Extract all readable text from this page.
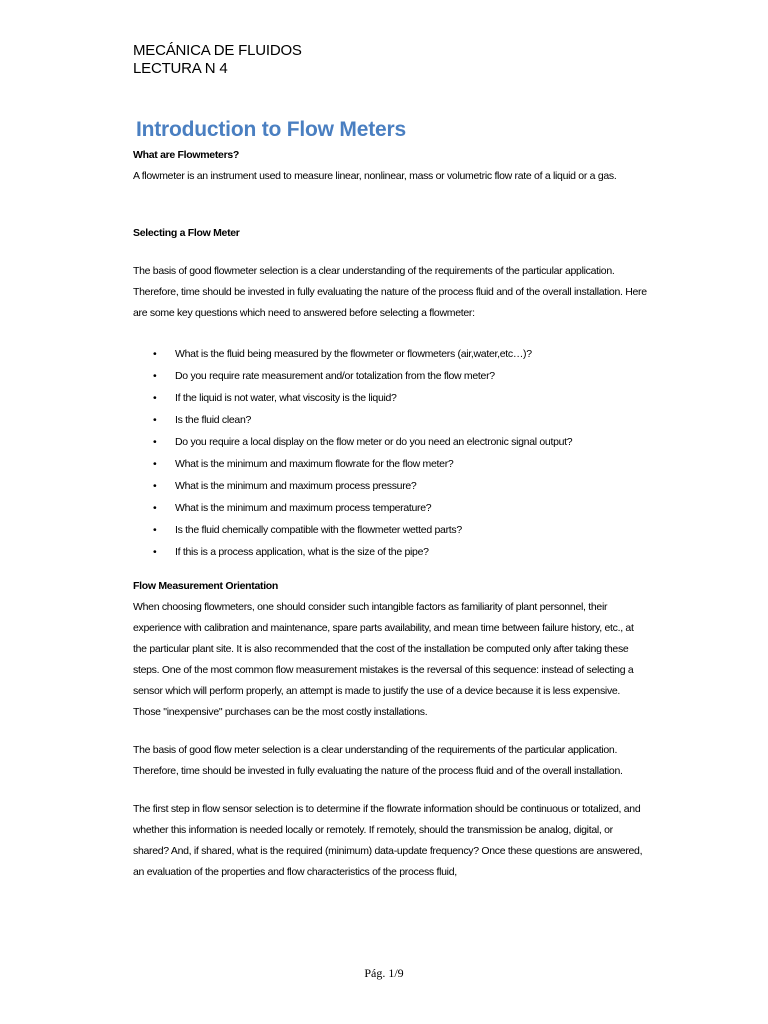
MECÁNICA DE FLUIDOS
LECTURA N 4
Introduction to Flow Meters

What are Flowmeters?

A flowmeter is an instrument used to measure linear, nonlinear, mass or volumetric flow rate of a liquid or a gas.

Selecting a Flow Meter

The basis of good flowmeter selection is a clear understanding of the requirements of the particular application. Therefore, time should be invested in fully evaluating the nature of the process fluid and of the overall installation. Here are some key questions which need to answered before selecting a flowmeter:

• What is the fluid being measured by the flowmeter or flowmeters (air,water,etc…)?
• Do you require rate measurement and/or totalization from the flow meter?
• If the liquid is not water, what viscosity is the liquid?
• Is the fluid clean?
• Do you require a local display on the flow meter or do you need an electronic signal output?
• What is the minimum and maximum flowrate for the flow meter?
• What is the minimum and maximum process pressure?
• What is the minimum and maximum process temperature?
• Is the fluid chemically compatible with the flowmeter wetted parts?
• If this is a process application, what is the size of the pipe?

Flow Measurement Orientation

When choosing flowmeters, one should consider such intangible factors as familiarity of plant personnel, their experience with calibration and maintenance, spare parts availability, and mean time between failure history, etc., at the particular plant site. It is also recommended that the cost of the installation be computed only after taking these steps. One of the most common flow measurement mistakes is the reversal of this sequence: instead of selecting a sensor which will perform properly, an attempt is made to justify the use of a device because it is less expensive. Those "inexpensive" purchases can be the most costly installations.

The basis of good flow meter selection is a clear understanding of the requirements of the particular application. Therefore, time should be invested in fully evaluating the nature of the process fluid and of the overall installation.

The first step in flow sensor selection is to determine if the flowrate information should be continuous or totalized, and whether this information is needed locally or remotely. If remotely, should the transmission be analog, digital, or shared? And, if shared, what is the required (minimum) data-update frequency? Once these questions are answered, an evaluation of the properties and flow characteristics of the process fluid,

Pág. 1/9
